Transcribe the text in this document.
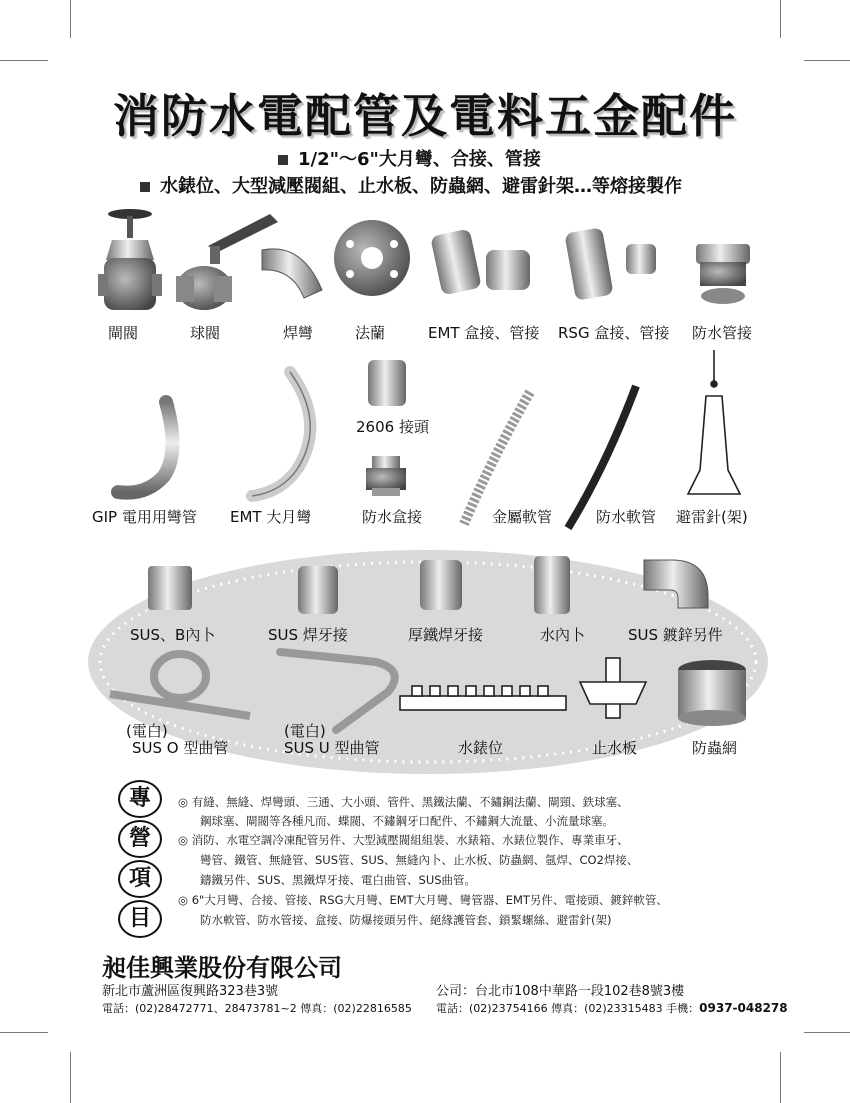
消防水電配管及電料五金配件
1/2"～6"大月彎、合接、管接
水錶位、大型減壓閥組、止水板、防蟲網、避雷針架…等熔接製作
閘閥	球閥	焊彎	法蘭	EMT 盒接、管接 RSG 盒接、管接 防水管接
GIP 電用用彎管 EMT 大月彎
2606 接頭
防水盒接	金屬軟管	防水軟管 避雷針(架)
SUS、B內卜	SUS 焊牙接	厚鐵焊牙接	水內卜	SUS 鍍鋅另件
(電白)
SUS O 型曲管
(電白)
SUS U 型曲管	水錶位	止水板	防蟲網
專
營
項
目
◎ 有縫、無縫、焊彎頭、三通、大小頭、管件、黑鐵法蘭、不鏽鋼法蘭、閘頸、鉄球塞、
鋼球塞、閘閥等各種凡而、蝶閥、不鏽鋼牙口配件、不鏽鋼大流量、小流量球塞。
◎ 消防、水電空調冷凍配管另件、大型減壓閥組組裝、水錶箱、水錶位製作、專業車牙、
彎管、鐵管、無縫管、SUS管、SUS、無縫內卜、止水板、防蟲網、氬焊、CO2焊接、
鑄鐵另件、SUS、黑鐵焊牙接、電白曲管、SUS曲管。
◎ 6"大月彎、合接、管接、RSG大月彎、EMT大月彎、彎管器、EMT另件、電接頭、鍍鋅軟管、
防水軟管、防水管接、盒接、防爆接頭另件、絕緣護管套、鎖緊螺絲、避雷針(架)
昶佳興業股份有限公司
新北市蘆洲區復興路323巷3號
電話：(02)28472771、28473781~2 傳真：(02)22816585
公司：台北市108中華路一段102巷8號3樓
電話：(02)23754166 傳真：(02)23315483 手機：0937-048278
